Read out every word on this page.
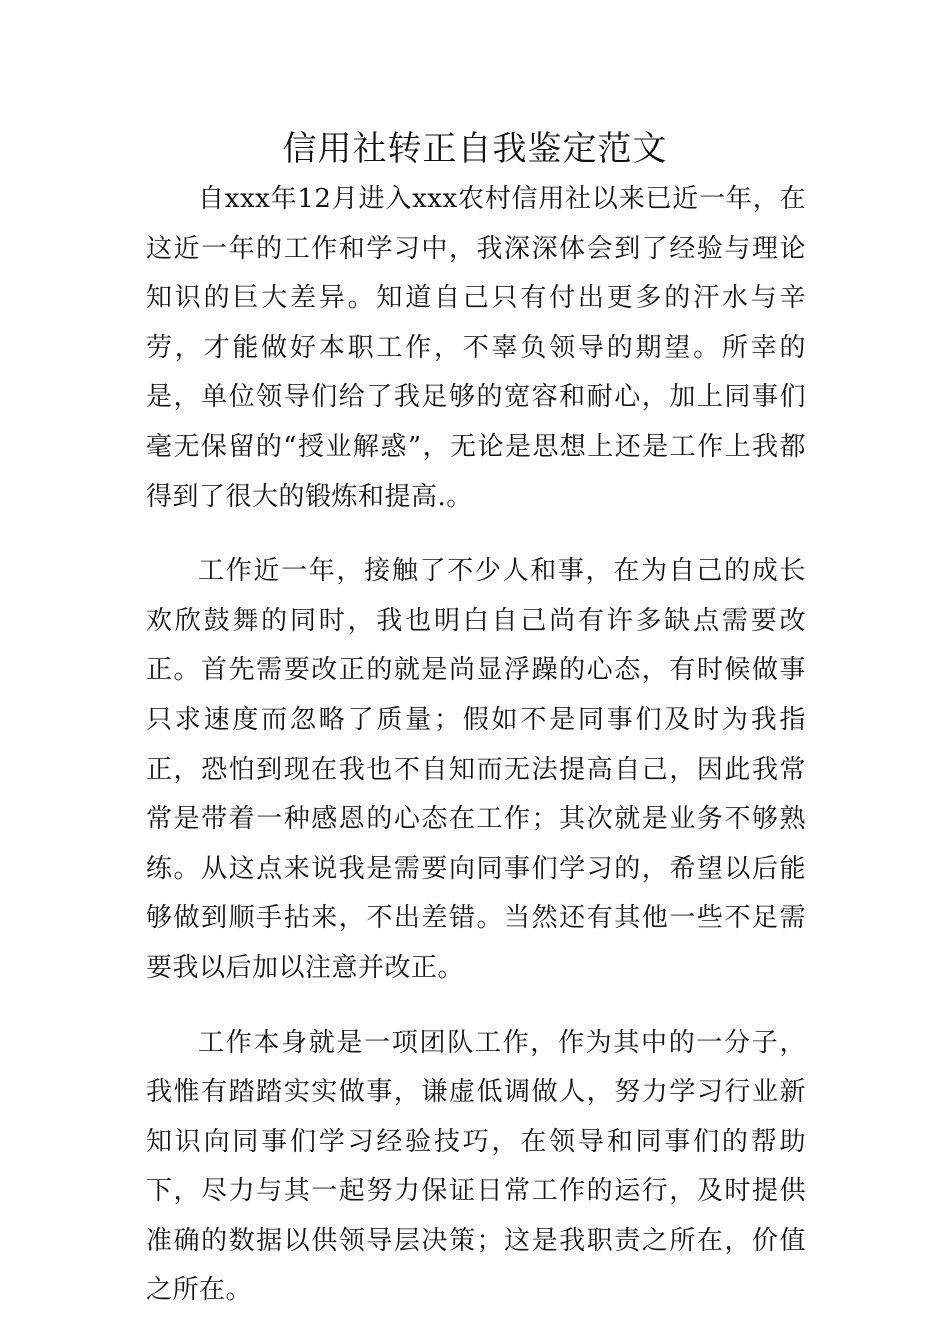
信用社转正自我鉴定范文

自xxx年12月进入xxx农村信用社以来已近一年，在这近一年的工作和学习中，我深深体会到了经验与理论知识的巨大差异。知道自己只有付出更多的汗水与辛劳，才能做好本职工作，不辜负领导的期望。所幸的是，单位领导们给了我足够的宽容和耐心，加上同事们毫无保留的“授业解惑”，无论是思想上还是工作上我都得到了很大的锻炼和提高.。

工作近一年，接触了不少人和事，在为自己的成长欢欣鼓舞的同时，我也明白自己尚有许多缺点需要改正。首先需要改正的就是尚显浮躁的心态，有时候做事只求速度而忽略了质量；假如不是同事们及时为我指正，恐怕到现在我也不自知而无法提高自己，因此我常常是带着一种感恩的心态在工作；其次就是业务不够熟练。从这点来说我是需要向同事们学习的，希望以后能够做到顺手拈来，不出差错。当然还有其他一些不足需要我以后加以注意并改正。

工作本身就是一项团队工作，作为其中的一分子，我惟有踏踏实实做事，谦虚低调做人，努力学习行业新知识向同事们学习经验技巧，在领导和同事们的帮助下，尽力与其一起努力保证日常工作的运行，及时提供准确的数据以供领导层决策；这是我职责之所在，价值之所在。
